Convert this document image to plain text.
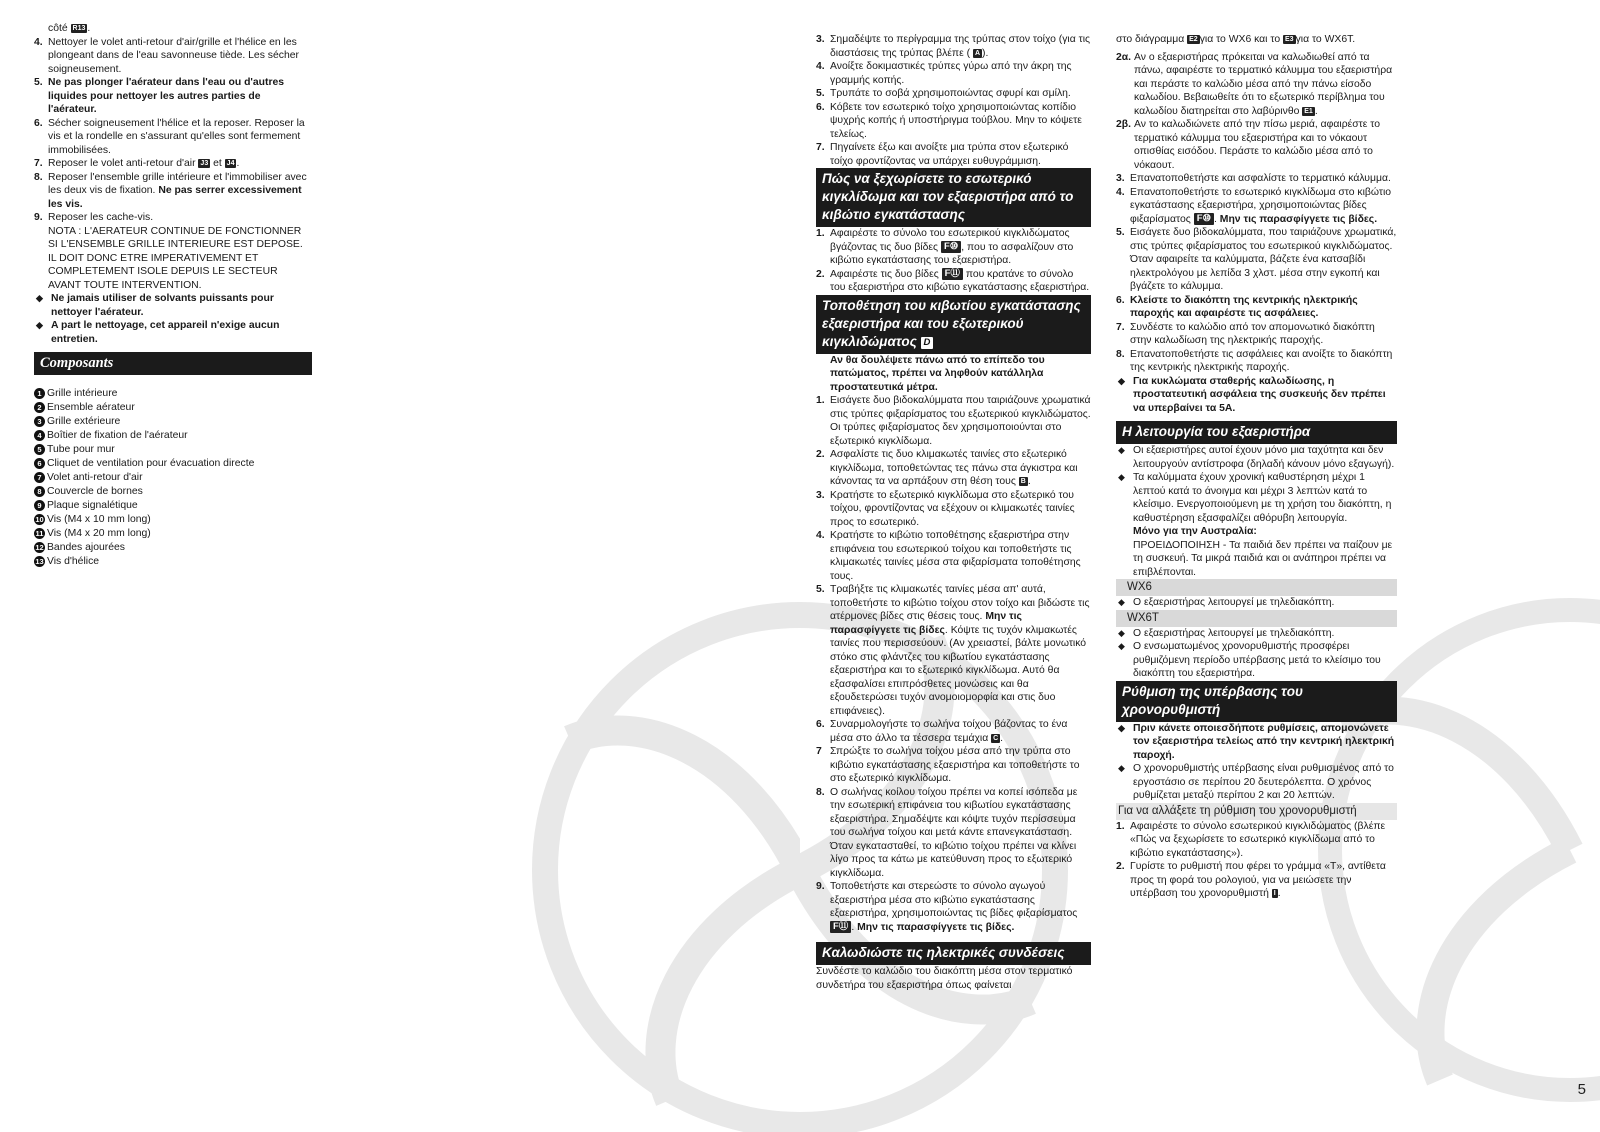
côté R13 .
4. Nettoyer le volet anti-retour d'air/grille et l'hélice en les plongeant dans de l'eau savonneuse tiède. Les sécher soigneusement.
5. Ne pas plonger l'aérateur dans l'eau ou d'autres liquides pour nettoyer les autres parties de l'aérateur.
6. Sécher soigneusement l'hélice et la reposer. Reposer la vis et la rondelle en s'assurant qu'elles sont fermement immobilisées.
7. Reposer le volet anti-retour d'air J3 et J4 .
8. Reposer l'ensemble grille intérieure et l'immobiliser avec les deux vis de fixation. Ne pas serrer excessivement les vis.
9. Reposer les cache-vis.
NOTA : L'AERATEUR CONTINUE DE FONCTIONNER SI L'ENSEMBLE GRILLE INTERIEURE EST DEPOSE. IL DOIT DONC ETRE IMPERATIVEMENT ET COMPLETEMENT ISOLE DEPUIS LE SECTEUR AVANT TOUTE INTERVENTION.
◆ Ne jamais utiliser de solvants puissants pour nettoyer l'aérateur.
◆ A part le nettoyage, cet appareil n'exige aucun entretien.
Composants
1 Grille intérieure
2 Ensemble aérateur
3 Grille extérieure
4 Boîtier de fixation de l'aérateur
5 Tube pour mur
6 Cliquet de ventilation pour évacuation directe
7 Volet anti-retour d'air
8 Couvercle de bornes
9 Plaque signalétique
10 Vis (M4 x 10 mm long)
11 Vis (M4 x 20 mm long)
12 Bandes ajourées
13 Vis d'hélice
3. Σημαδέψτε το περίγραμμα της τρύπας στον τοίχο (για τις διαστάσεις της τρύπας βλέπε ( A ).
4. Ανοίξτε δοκιμαστικές τρύπες γύρω από την άκρη της γραμμής κοπής.
5. Τρυπάτε το σοβά χρησιμοποιώντας σφυρί και σμίλη.
6. Κόβετε τον εσωτερικό τοίχο χρησιμοποιώντας κοπίδιο ψυχρής κοπής ή υποστήριγμα τούβλου. Μην το κόψετε τελείως.
7. Πηγαίνετε έξω και ανοίξτε μια τρύπα στον εξωτερικό τοίχο φροντίζοντας να υπάρχει ευθυγράμμιση.
Πώς να ξεχωρίσετε το εσωτερικό κιγκλίδωμα και τον εξαεριστήρα από το κιβώτιο εγκατάστασης
1. Αφαιρέστε το σύνολο του εσωτερικού κιγκλιδώματος βγάζοντας τις δυο βίδες F⑩ , που το ασφαλίζουν στο κιβώτιο εγκατάστασης του εξαεριστήρα.
2. Αφαιρέστε τις δυο βίδες F⑪ που κρατάνε το σύνολο του εξαεριστήρα στο κιβώτιο εγκατάστασης εξαεριστήρα.
Τοποθέτηση του κιβωτίου εγκατάστασης εξαεριστήρα και του εξωτερικού κιγκλιδώματος D
Αν θα δουλέψετε πάνω από το επίπεδο του πατώματος, πρέπει να ληφθούν κατάλληλα προστατευτικά μέτρα.
1. Εισάγετε δυο βιδοκαλύμματα που ταιριάζουνε χρωματικά στις τρύπες φιξαρίσματος του εξωτερικού κιγκλιδώματος. Οι τρύπες φιξαρίσματος δεν χρησιμοποιούνται στο εξωτερικό κιγκλίδωμα.
2. Ασφαλίστε τις δυο κλιμακωτές ταινίες στο εξωτερικό κιγκλίδωμα, τοποθετώντας τες πάνω στα άγκιστρα και κάνοντας τα να αρπάξουν στη θέση τους B .
3. Κρατήστε το εξωτερικό κιγκλίδωμα στο εξωτερικό του τοίχου, φροντίζοντας να εξέχουν οι κλιμακωτές ταινίες προς το εσωτερικό.
4. Κρατήστε το κιβώτιο τοποθέτησης εξαεριστήρα στην επιφάνεια του εσωτερικού τοίχου και τοποθετήστε τις κλιμακωτές ταινίες μέσα στα φιξαρίσματα τοποθέτησης τους.
5. Τραβήξτε τις κλιμακωτές ταινίες μέσα απ' αυτά, τοποθετήστε το κιβώτιο τοίχου στον τοίχο και βιδώστε τις ατέρμονες βίδες στις θέσεις τους. Μην τις παρασφίγγετε τις βίδες. Κόψτε τις τυχόν κλιμακωτές ταινίες που περισσεύουν. (Αν χρειαστεί, βάλτε μονωτικό στόκο στις φλάντζες του κιβωτίου εγκατάστασης εξαεριστήρα και το εξωτερικό κιγκλίδωμα. Αυτό θα εξασφαλίσει επιπρόσθετες μονώσεις και θα εξουδετερώσει τυχόν ανομοιομορφία και στις δυο επιφάνειες).
6. Συναρμολογήστε το σωλήνα τοίχου βάζοντας το ένα μέσα στο άλλο τα τέσσερα τεμάχια C .
7 Σπρώξτε το σωλήνα τοίχου μέσα από την τρύπα στο κιβώτιο εγκατάστασης εξαεριστήρα και τοποθετήστε το στο εξωτερικό κιγκλίδωμα.
8. Ο σωλήνας κοίλου τοίχου πρέπει να κοπεί ισόπεδα με την εσωτερική επιφάνεια του κιβωτίου εγκατάστασης εξαεριστήρα. Σημαδέψτε και κόψτε τυχόν περίσσευμα του σωλήνα τοίχου και μετά κάντε επανεγκατάσταση. Όταν εγκατασταθεί, το κιβώτιο τοίχου πρέπει να κλίνει λίγο προς τα κάτω με κατεύθυνση προς το εξωτερικό κιγκλίδωμα.
9. Τοποθετήστε και στερεώστε το σύνολο αγωγού εξαεριστήρα μέσα στο κιβώτιο εγκατάστασης εξαεριστήρα, χρησιμοποιώντας τις βίδες φιξαρίσματος F⑪ . Μην τις παρασφίγγετε τις βίδες.
Καλωδιώστε τις ηλεκτρικές συνδέσεις
Συνδέστε το καλώδιο του διακόπτη μέσα στον τερματικό συνδετήρα του εξαεριστήρα όπως φαίνεται
στο διάγραμμα E2 για το WX6 και το E3 για το WX6T.
2α. Αν ο εξαεριστήρας πρόκειται να καλωδιωθεί από τα πάνω, αφαιρέστε το τερματικό κάλυμμα του εξαεριστήρα και περάστε το καλώδιο μέσα από την πάνω είσοδο καλωδίου. Βεβαιωθείτε ότι το εξωτερικό περίβλημα του καλωδίου διατηρείται στο λαβύρινθο E1 .
2β. Αν το καλωδιώνετε από την πίσω μεριά, αφαιρέστε το τερματικό κάλυμμα του εξαεριστήρα και το νόκαουτ οπισθίας εισόδου. Περάστε το καλώδιο μέσα από το νόκαουτ.
3. Επανατοποθετήστε και ασφαλίστε το τερματικό κάλυμμα.
4. Επανατοποθετήστε το εσωτερικό κιγκλίδωμα στο κιβώτιο εγκατάστασης εξαεριστήρα, χρησιμοποιώντας βίδες φιξαρίσματος F⑩ . Μην τις παρασφίγγετε τις βίδες.
5. Εισάγετε δυο βιδοκαλύμματα, που ταιριάζουνε χρωματικά, στις τρύπες φιξαρίσματος του εσωτερικού κιγκλιδώματος. Όταν αφαιρείτε τα καλύμματα, βάζετε ένα κατσαβίδι ηλεκτρολόγου με λεπίδα 3 χλστ. μέσα στην εγκοπή και βγάζετε το κάλυμμα.
6. Κλείστε το διακόπτη της κεντρικής ηλεκτρικής παροχής και αφαιρέστε τις ασφάλειες.
7. Συνδέστε το καλώδιο από τον απομονωτικό διακόπτη στην καλωδίωση της ηλεκτρικής παροχής.
8. Επανατοποθετήστε τις ασφάλειες και ανοίξτε το διακόπτη της κεντρικής ηλεκτρικής παροχής.
◆ Για κυκλώματα σταθερής καλωδίωσης, η προστατευτική ασφάλεια της συσκευής δεν πρέπει να υπερβαίνει τα 5A.
Η λειτουργία του εξαεριστήρα
◆ Οι εξαεριστήρες αυτοί έχουν μόνο μια ταχύτητα και δεν λειτουργούν αντίστροφα (δηλαδή κάνουν μόνο εξαγωγή).
◆ Τα καλύμματα έχουν χρονική καθυστέρηση μέχρι 1 λεπτού κατά το άνοιγμα και μέχρι 3 λεπτών κατά το κλείσιμο. Ενεργοποιούμενη με τη χρήση του διακόπτη, η καθυστέρηση εξασφαλίζει αθόρυβη λειτουργία.
Μόνο για την Αυστραλία:
ΠΡΟΕΙΔΟΠΟΙΗΣΗ - Τα παιδιά δεν πρέπει να παίζουν με τη συσκευή. Τα μικρά παιδιά και οι ανάπηροι πρέπει να επιβλέπονται.
WX6
◆ Ο εξαεριστήρας λειτουργεί με τηλεδιακόπτη.
WX6T
◆ Ο εξαεριστήρας λειτουργεί με τηλεδιακόπτη.
◆ Ο ενσωματωμένος χρονορυθμιστής προσφέρει ρυθμιζόμενη περίοδο υπέρβασης μετά το κλείσιμο του διακόπτη του εξαεριστήρα.
Ρύθμιση της υπέρβασης του χρονορυθμιστή
◆ Πριν κάνετε οποιεσδήποτε ρυθμίσεις, απομονώνετε τον εξαεριστήρα τελείως από την κεντρική ηλεκτρική παροχή.
◆ Ο χρονορυθμιστής υπέρβασης είναι ρυθμισμένος από το εργοστάσιο σε περίπου 20 δευτερόλεπτα. Ο χρόνος ρυθμίζεται μεταξύ περίπου 2 και 20 λεπτών.
Για να αλλάξετε τη ρύθμιση του χρονορυθμιστή
1. Αφαιρέστε το σύνολο εσωτερικού κιγκλιδώματος (βλέπε «Πώς να ξεχωρίσετε το εσωτερικό κιγκλίδωμα από το κιβώτιο εγκατάστασης»).
2. Γυρίστε το ρυθμιστή που φέρει το γράμμα «T», αντίθετα προς τη φορά του ρολογιού, για να μειώσετε την υπέρβαση του χρονορυθμιστή I .
5
